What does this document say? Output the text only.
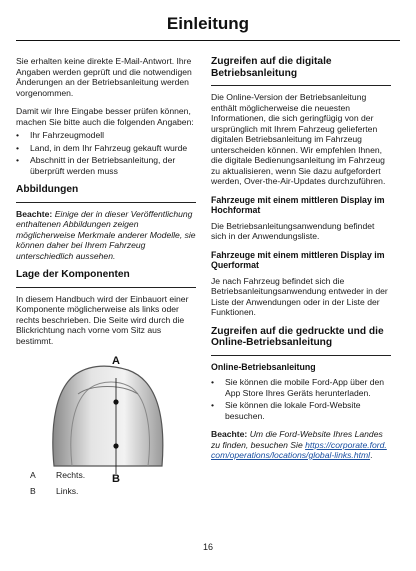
Einleitung

Sie erhalten keine direkte E-Mail-Antwort. Ihre Angaben werden geprüft und die notwendigen Änderungen an der Betriebsanleitung werden vorgenommen.

Damit wir Ihre Eingabe besser prüfen können, machen Sie bitte auch die folgenden Angaben:

• Ihr Fahrzeugmodell
• Land, in dem Ihr Fahrzeug gekauft wurde
• Abschnitt in der Betriebsanleitung, der überprüft werden muss
Abbildungen

Beachte: Einige der in dieser Veröffentlichung enthaltenen Abbildungen zeigen möglicherweise Merkmale anderer Modelle, sie können daher bei Ihrem Fahrzeug unterschiedlich aussehen.

Lage der Komponenten

In diesem Handbuch wird der Einbauort einer Komponente möglicherweise als links oder rechts beschrieben. Die Seite wird durch die Blickrichtung nach vorne vom Sitz aus bestimmt.

A
B
A	Rechts.
B	Links.
Zugreifen auf die digitale Betriebsanleitung

Die Online-Version der Betriebsanleitung enthält möglicherweise die neuesten Informationen, die sich geringfügig von der ursprünglich mit Ihrem Fahrzeug gelieferten digitalen Betriebsanleitung im Fahrzeug unterscheiden können. Wir empfehlen Ihnen, die digitale Bedienungsanleitung im Fahrzeug zu aktualisieren, wenn Sie dazu aufgefordert werden, Over-the-Air-Updates durchzuführen.

Fahrzeuge mit einem mittleren Display im Hochformat

Die Betriebsanleitungsanwendung befindet sich in der Anwendungsliste.

Fahrzeuge mit einem mittleren Display im Querformat

Je nach Fahrzeug befindet sich die Betriebsanleitungsanwendung entweder in der Liste der Anwendungen oder in der Liste der Funktionen.

Zugreifen auf die gedruckte und die Online-Betriebsanleitung
Online-Betriebsanleitung
• Sie können die mobile Ford-App über den App Store Ihres Geräts herunterladen.
• Sie können die lokale Ford-Website besuchen.

Beachte: Um die Ford-Website Ihres Landes zu finden, besuchen Sie https://corporate.ford.com/operations/locations/global-links.html.

16
